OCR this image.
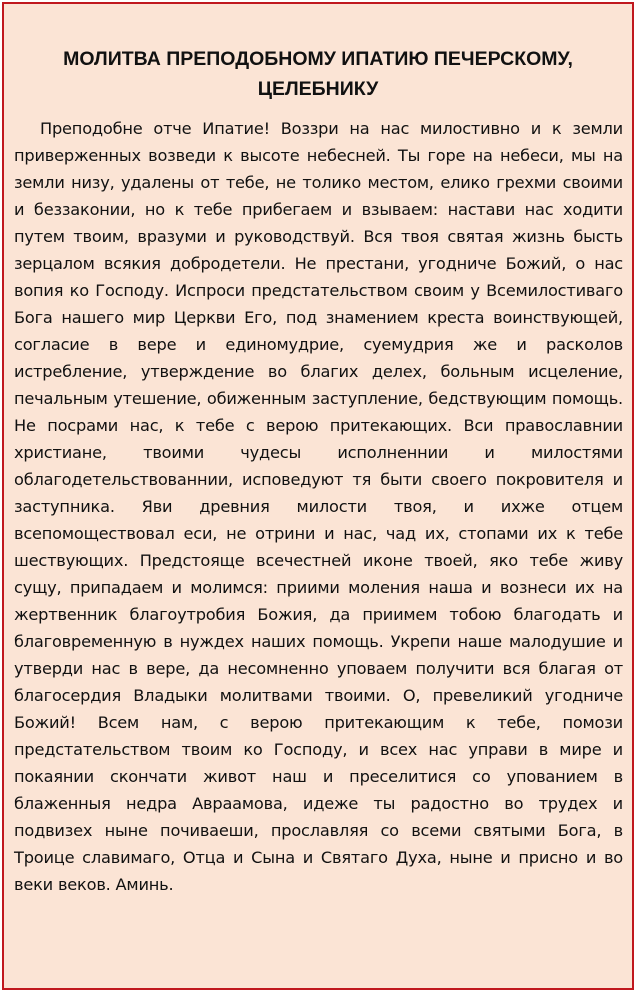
МОЛИТВА ПРЕПОДОБНОМУ ИПАТИЮ ПЕЧЕРСКОМУ, ЦЕЛЕБНИКУ
Преподобне отче Ипатие! Воззри на нас милостивно и к земли приверженных возведи к высоте небесней. Ты горе на небеси, мы на земли низу, удалены от тебе, не толико местом, елико грехми своими и беззаконии, но к тебе прибегаем и взываем: настави нас ходити путем твоим, вразуми и руководствуй. Вся твоя святая жизнь бысть зерцалом всякия добродетели. Не престани, угодниче Божий, о нас вопия ко Господу. Испроси предстательством своим у Всемилостиваго Бога нашего мир Церкви Его, под знамением креста воинствующей, согласие в вере и единомудрие, суемудрия же и расколов истребление, утверждение во благих делех, больным исцеление, печальным утешение, обиженным заступление, бедствующим помощь. Не посрами нас, к тебе с верою притекающих. Вси православнии христиане, твоими чудесы исполненнии и милостями облагодетельствованнии, исповедуют тя быти своего покровителя и заступника. Яви древния милости твоя, и ихже отцем всепомоществовал еси, не отрини и нас, чад их, стопами их к тебе шествующих. Предстояще всечестней иконе твоей, яко тебе живу сущу, припадаем и молимся: приими моления наша и вознеси их на жертвенник благоутробия Божия, да приимем тобою благодать и благовременную в нуждех наших помощь. Укрепи наше малодушие и утверди нас в вере, да несомненно уповаем получити вся благая от благосердия Владыки молитвами твоими. О, превеликий угодниче Божий! Всем нам, с верою притекающим к тебе, помози предстательством твоим ко Господу, и всех нас управи в мире и покаянии скончати живот наш и преселитися со упованием в блаженныя недра Авраамова, идеже ты радостно во трудех и подвизех ныне почиваеши, прославляя со всеми святыми Бога, в Троице славимаго, Отца и Сына и Святаго Духа, ныне и присно и во веки веков. Аминь.
